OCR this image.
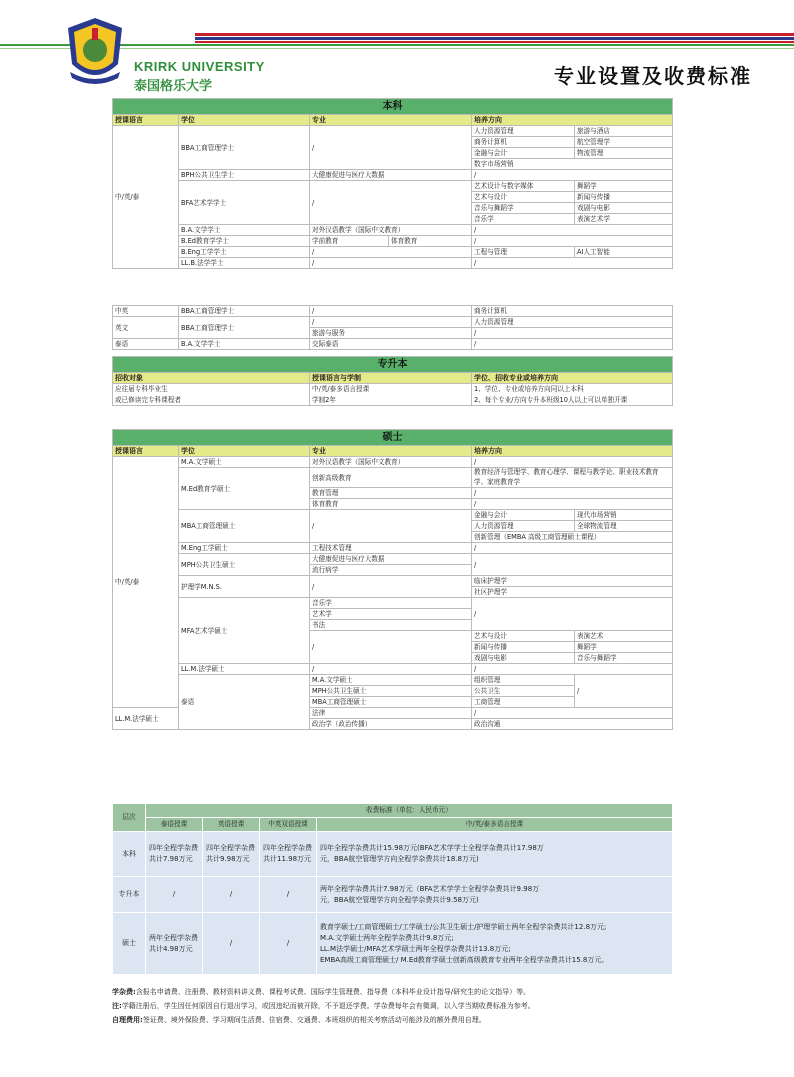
KRIRK UNIVERSITY
泰国格乐大学	专业设置及收费标准
本科					
授课语言	学位	专业		培养方向	
中/英/泰	BBA工商管理学士	/		人力资源管理	旅游与酒店
				商务计算机	航空管理学
				金融与会计	物流管理
				数字市场营销	
	BPH公共卫生学士	大健康促进与医疗大数据		/	
	BFA艺术学学士	/		艺术设计与数字媒体	舞蹈学
				艺术与设计	新闻与传播
				音乐与舞蹈学	戏剧与电影
				音乐学	表演艺术学
	B.A.文学学士	对外汉语教学（国际中文教育）		/	
	B.Ed教育学学士	学前教育	体育教育	/	
	B.Eng工学学士	/		工程与管理	AI人工智能
	LL.B.法学学士	/		/	
中英	BBA工商管理学士	/	商务计算机
英文	BBA工商管理学士	/	人力资源管理
		旅游与服务	/
泰语	B.A.文学学士	交际泰语	/
专升本		
招收对象	授课语言与学制	学位、招收专业或培养方向
应往届专科毕业生	中/英/泰多语言授课	1、学位、专业或培养方向同以上本科
或已修读完专科课程者	学制2年	2、每个专业/方向专升本班级10人以上可以单独开课
硕士				
授课语言	学位	专业	培养方向	
中/英/泰	M.A.文学硕士	对外汉语教学（国际中文教育）	/	
	M.Ed教育学硕士	创新高级教育	教育经济与管理学、教育心理学、课程与教学论、职业技术教育学、家庭教育学	

		教育管理	/	
		体育教育	/	
	MBA工商管理硕士	/	金融与会计	现代市场营销
			人力资源管理	全球物流管理
			创新管理（EMBA 高级工商管理硕士课程）	
	M.Eng工学硕士	工程技术管理	/	
	MPH公共卫生硕士	大健康促进与医疗大数据	/	
		流行病学		
	护理学M.N.S.	/	临床护理学	
			社区护理学	
	MFA艺术学硕士	音乐学	/	
		艺术学		
		书法		
		/	艺术与设计	表演艺术
			新闻与传播	舞蹈学
			戏剧与电影	音乐与舞蹈学
	LL.M.法学硕士	/	/	
	泰语	M.A.文学硕士	组织管理	/
		MPH公共卫生硕士	公共卫生	
		MBA工商管理硕士	工商管理	
LL.M.法学硕士		法律	/	
		政治学（政治传播）	政治沟通	
层次	收费标准（单位：人民币元）			
	泰语授课	英语授课	中英双语授课	中/英/泰多语言授课
本科	四年全程学杂费共计7.98万元	四年全程学杂费共计9.98万元	四年全程学杂费共计11.98万元	四年全程学杂费共计15.98万元(BFA艺术学学士全程学杂费共计17.98万
元，BBA航空管理学方向全程学杂费共计18.8万元)

专升本	/	/	/	两年全程学杂费共计7.98万元（BFA艺术学学士全程学杂费共计9.98万
元，BBA航空管理学方向全程学杂费共计9.58万元)

硕士	两年全程学杂费共计4.98万元	/	/	教育学硕士/工商管理硕士/工学硕士/公共卫生硕士/护理学硕士两年全程学杂费共计12.8万元;
M.A.文学硕士两年全程学杂费共计9.8万元;
LL.M法学硕士/MFA艺术学硕士两年全程学杂费共计13.8万元;
EMBA高级工商管理硕士/ M.Ed教育学硕士创新高级教育专业两年全程学杂费共计15.8万元。
学杂费:含报名申请费、注册费、教材资料讲义费、课程考试费、国际学生管理费、指导费（本科毕业设计指导/研究生的论文指导）等。
注:学籍注册后，学生因任何原因自行退出学习，或因违纪而被开除，不予退还学费。学杂费每年会有微调，以入学当期收费标准为参考。
自理费用:签证费、境外保险费、学习期间生活费、住宿费、交通费、本班组织的相关考察活动可能涉及的额外费用自理。
